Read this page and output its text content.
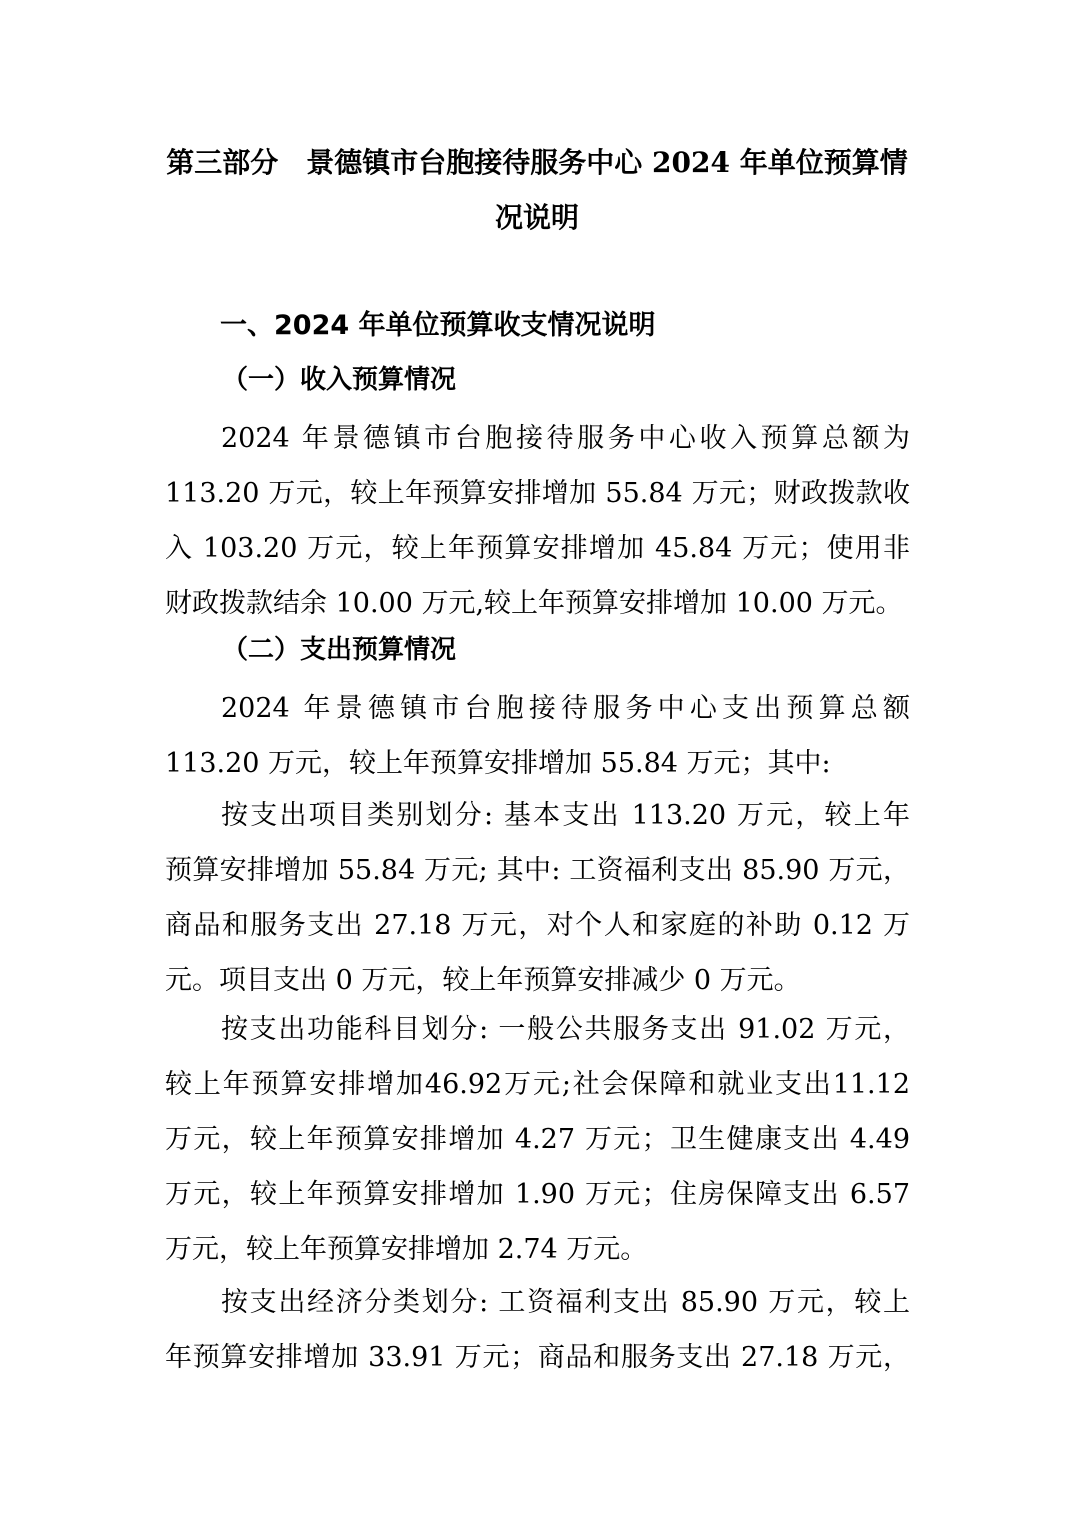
第三部分　景德镇市台胞接待服务中心 2024 年单位预算情
况说明
一、2024 年单位预算收支情况说明
（一）收入预算情况
2024 年景德镇市台胞接待服务中心收入预算总额为
113.20 万元，较上年预算安排增加 55.84 万元；财政拨款收
入 103.20 万元，较上年预算安排增加 45.84 万元；使用非
财政拨款结余 10.00 万元,较上年预算安排增加 10.00 万元。
（二）支出预算情况
2024 年景德镇市台胞接待服务中心支出预算总额
113.20 万元，较上年预算安排增加 55.84 万元；其中:
按支出项目类别划分: 基本支出 113.20 万元，较上年
预算安排增加 55.84 万元; 其中: 工资福利支出 85.90 万元，
商品和服务支出 27.18 万元，对个人和家庭的补助 0.12 万
元。项目支出 0 万元，较上年预算安排减少 0 万元。
按支出功能科目划分: 一般公共服务支出 91.02 万元，
较上年预算安排增加46.92万元;社会保障和就业支出11.12
万元，较上年预算安排增加 4.27 万元；卫生健康支出 4.49
万元，较上年预算安排增加 1.90 万元；住房保障支出 6.57
万元，较上年预算安排增加 2.74 万元。
按支出经济分类划分: 工资福利支出 85.90 万元，较上
年预算安排增加 33.91 万元；商品和服务支出 27.18 万元，
